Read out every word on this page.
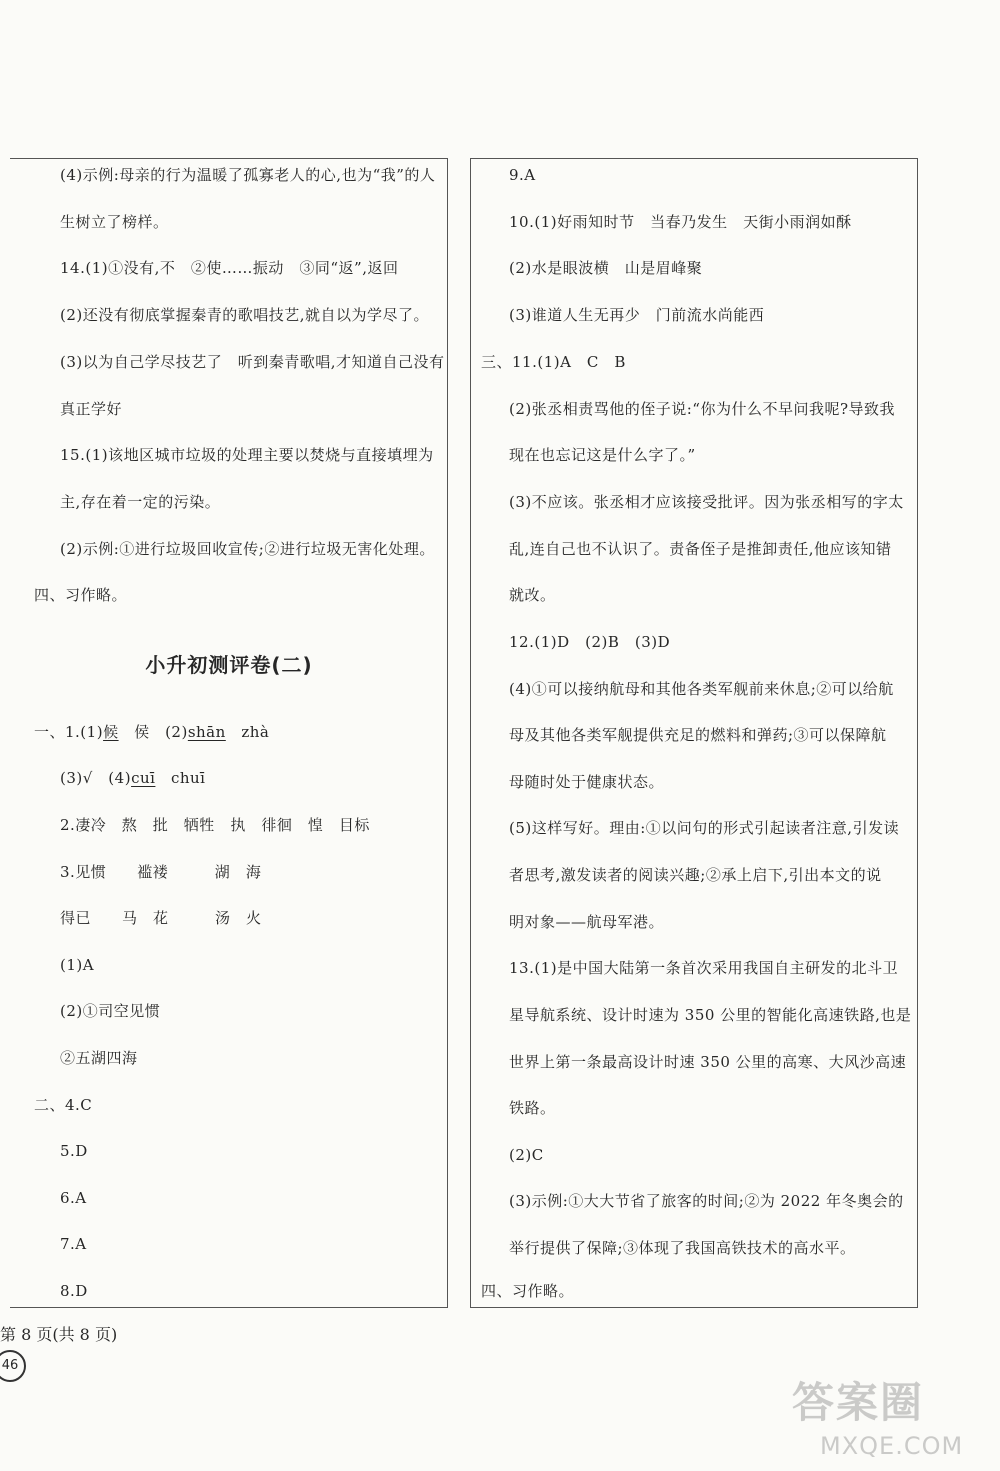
(4)示例:母亲的行为温暖了孤寡老人的心,也为“我”的人
生树立了榜样。
14.(1)①没有,不　②使……振动　③同“返”,返回
(2)还没有彻底掌握秦青的歌唱技艺,就自以为学尽了。
(3)以为自己学尽技艺了　听到秦青歌唱,才知道自己没有
真正学好
15.(1)该地区城市垃圾的处理主要以焚烧与直接填埋为
主,存在着一定的污染。
(2)示例:①进行垃圾回收宣传;②进行垃圾无害化处理。
四、习作略。
小升初测评卷(二)
一、1.(1)候　侯　(2)shān　 zhà
(3)√　(4)cuī　 chuī
2.凄冷　熬　批　牺牲　执　徘徊　惶　目标
3.见惯　　褴褛　　　湖　海
得已　　马　花　　　汤　火
(1)A
(2)①司空见惯
②五湖四海
二、4.C
5.D
6.A
7.A
8.D
9.A
10.(1)好雨知时节　当春乃发生　天街小雨润如酥
(2)水是眼波横　山是眉峰聚
(3)谁道人生无再少　门前流水尚能西
三、11.(1)A　C　B
(2)张丞相责骂他的侄子说:“你为什么不早问我呢?导致我
现在也忘记这是什么字了。”
(3)不应该。张丞相才应该接受批评。因为张丞相写的字太
乱,连自己也不认识了。责备侄子是推卸责任,他应该知错
就改。
12.(1)D　(2)B　(3)D
(4)①可以接纳航母和其他各类军舰前来休息;②可以给航
母及其他各类军舰提供充足的燃料和弹药;③可以保障航
母随时处于健康状态。
(5)这样写好。理由:①以问句的形式引起读者注意,引发读
者思考,激发读者的阅读兴趣;②承上启下,引出本文的说
明对象——航母军港。
13.(1)是中国大陆第一条首次采用我国自主研发的北斗卫
星导航系统、设计时速为 350 公里的智能化高速铁路,也是
世界上第一条最高设计时速 350 公里的高寒、大风沙高速
铁路。
(2)C
(3)示例:①大大节省了旅客的时间;②为 2022 年冬奥会的
举行提供了保障;③体现了我国高铁技术的高水平。
四、习作略。
第 8 页(共 8 页)
46
答案圈
MXQE.COM
